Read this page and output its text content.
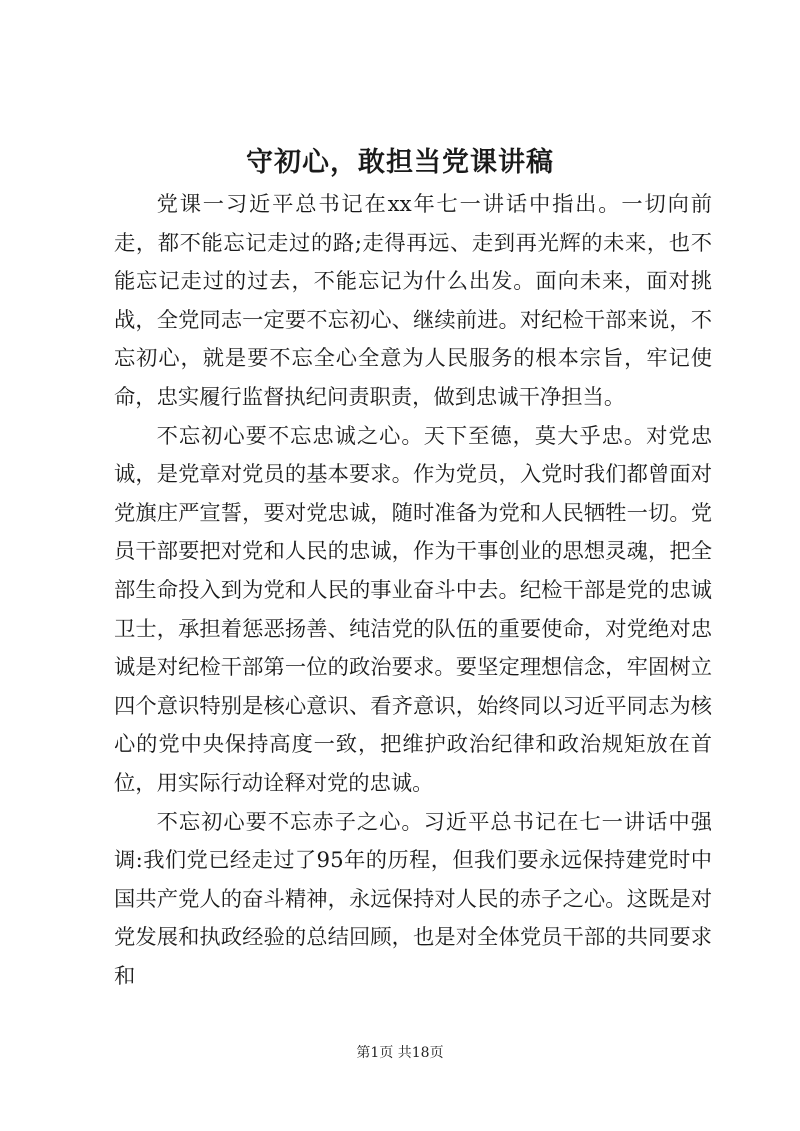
守初心，敢担当党课讲稿

党课一习近平总书记在xx年七一讲话中指出。一切向前走，都不能忘记走过的路;走得再远、走到再光辉的未来，也不能忘记走过的过去，不能忘记为什么出发。面向未来，面对挑战，全党同志一定要不忘初心、继续前进。对纪检干部来说，不忘初心，就是要不忘全心全意为人民服务的根本宗旨，牢记使命，忠实履行监督执纪问责职责，做到忠诚干净担当。

不忘初心要不忘忠诚之心。天下至德，莫大乎忠。对党忠诚，是党章对党员的基本要求。作为党员，入党时我们都曾面对党旗庄严宣誓，要对党忠诚，随时准备为党和人民牺牲一切。党员干部要把对党和人民的忠诚，作为干事创业的思想灵魂，把全部生命投入到为党和人民的事业奋斗中去。纪检干部是党的忠诚卫士，承担着惩恶扬善、纯洁党的队伍的重要使命，对党绝对忠诚是对纪检干部第一位的政治要求。要坚定理想信念，牢固树立四个意识特别是核心意识、看齐意识，始终同以习近平同志为核心的党中央保持高度一致，把维护政治纪律和政治规矩放在首位，用实际行动诠释对党的忠诚。

不忘初心要不忘赤子之心。习近平总书记在七一讲话中强调:我们党已经走过了95年的历程，但我们要永远保持建党时中国共产党人的奋斗精神，永远保持对人民的赤子之心。这既是对党发展和执政经验的总结回顾，也是对全体党员干部的共同要求和

第1页 共18页
